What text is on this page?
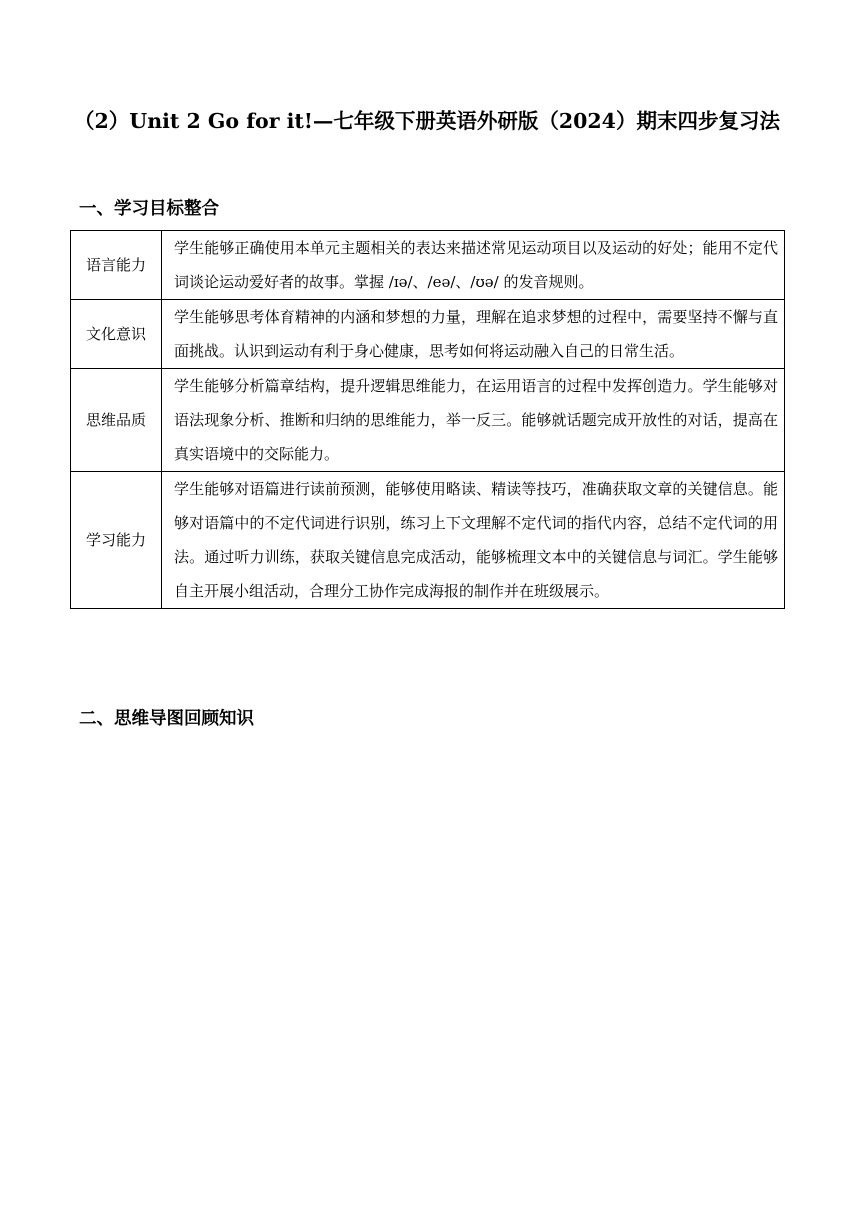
（2）Unit 2 Go for it!—七年级下册英语外研版（2024）期末四步复习法
一、学习目标整合
语言能力	学生能够正确使用本单元主题相关的表达来描述常见运动项目以及运动的好处；能用不定代词谈论运动爱好者的故事。掌握 /ɪə/、/eə/、/ʊə/ 的发音规则。
文化意识	学生能够思考体育精神的内涵和梦想的力量，理解在追求梦想的过程中，需要坚持不懈与直面挑战。认识到运动有利于身心健康，思考如何将运动融入自己的日常生活。
思维品质	学生能够分析篇章结构，提升逻辑思维能力，在运用语言的过程中发挥创造力。学生能够对语法现象分析、推断和归纳的思维能力，举一反三。能够就话题完成开放性的对话，提高在真实语境中的交际能力。
学习能力	学生能够对语篇进行读前预测，能够使用略读、精读等技巧，准确获取文章的关键信息。能够对语篇中的不定代词进行识别，练习上下文理解不定代词的指代内容，总结不定代词的用法。通过听力训练，获取关键信息完成活动，能够梳理文本中的关键信息与词汇。学生能够自主开展小组活动，合理分工协作完成海报的制作并在班级展示。
二、思维导图回顾知识
